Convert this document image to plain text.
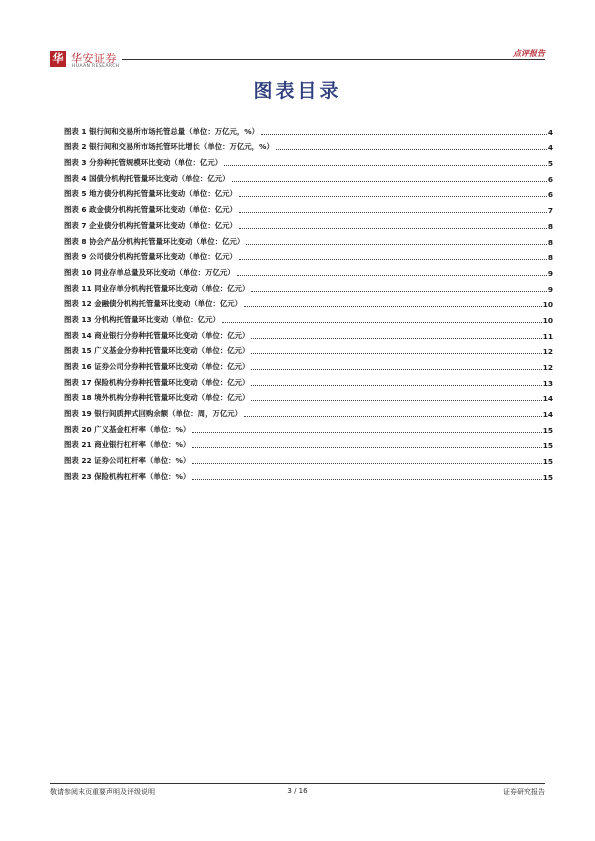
华 华安证券
HUAAN RESEARCH
点评报告
图表目录
图表 1 银行间和交易所市场托管总量（单位：万亿元，%）	4
图表 2 银行间和交易所市场托管环比增长（单位：万亿元，%）	4
图表 3 分券种托管规模环比变动（单位：亿元）	5
图表 4 国债分机构托管量环比变动（单位：亿元）	6
图表 5 地方债分机构托管量环比变动（单位：亿元）	6
图表 6 政金债分机构托管量环比变动（单位：亿元）	7
图表 7 企业债分机构托管量环比变动（单位：亿元）	8
图表 8 协会产品分机构托管量环比变动（单位：亿元）	8
图表 9 公司债分机构托管量环比变动（单位：亿元）	8
图表 10 同业存单总量及环比变动（单位：万亿元）	9
图表 11 同业存单分机构托管量环比变动（单位：亿元）	9
图表 12 金融债分机构托管量环比变动（单位：亿元）	10
图表 13 分机构托管量环比变动（单位：亿元）	10
图表 14 商业银行分券种托管量环比变动（单位：亿元）	11
图表 15 广义基金分券种托管量环比变动（单位：亿元）	12
图表 16 证券公司分券种托管量环比变动（单位：亿元）	12
图表 17 保险机构分券种托管量环比变动（单位：亿元）	13
图表 18 境外机构分券种托管量环比变动（单位：亿元）	14
图表 19 银行间质押式回购余额（单位：周，万亿元）	14
图表 20 广义基金杠杆率（单位：%）	15
图表 21 商业银行杠杆率（单位：%）	15
图表 22 证券公司杠杆率（单位：%）	15
图表 23 保险机构杠杆率（单位：%）	15
敬请参阅末页重要声明及评级说明	3 / 16	证券研究报告
